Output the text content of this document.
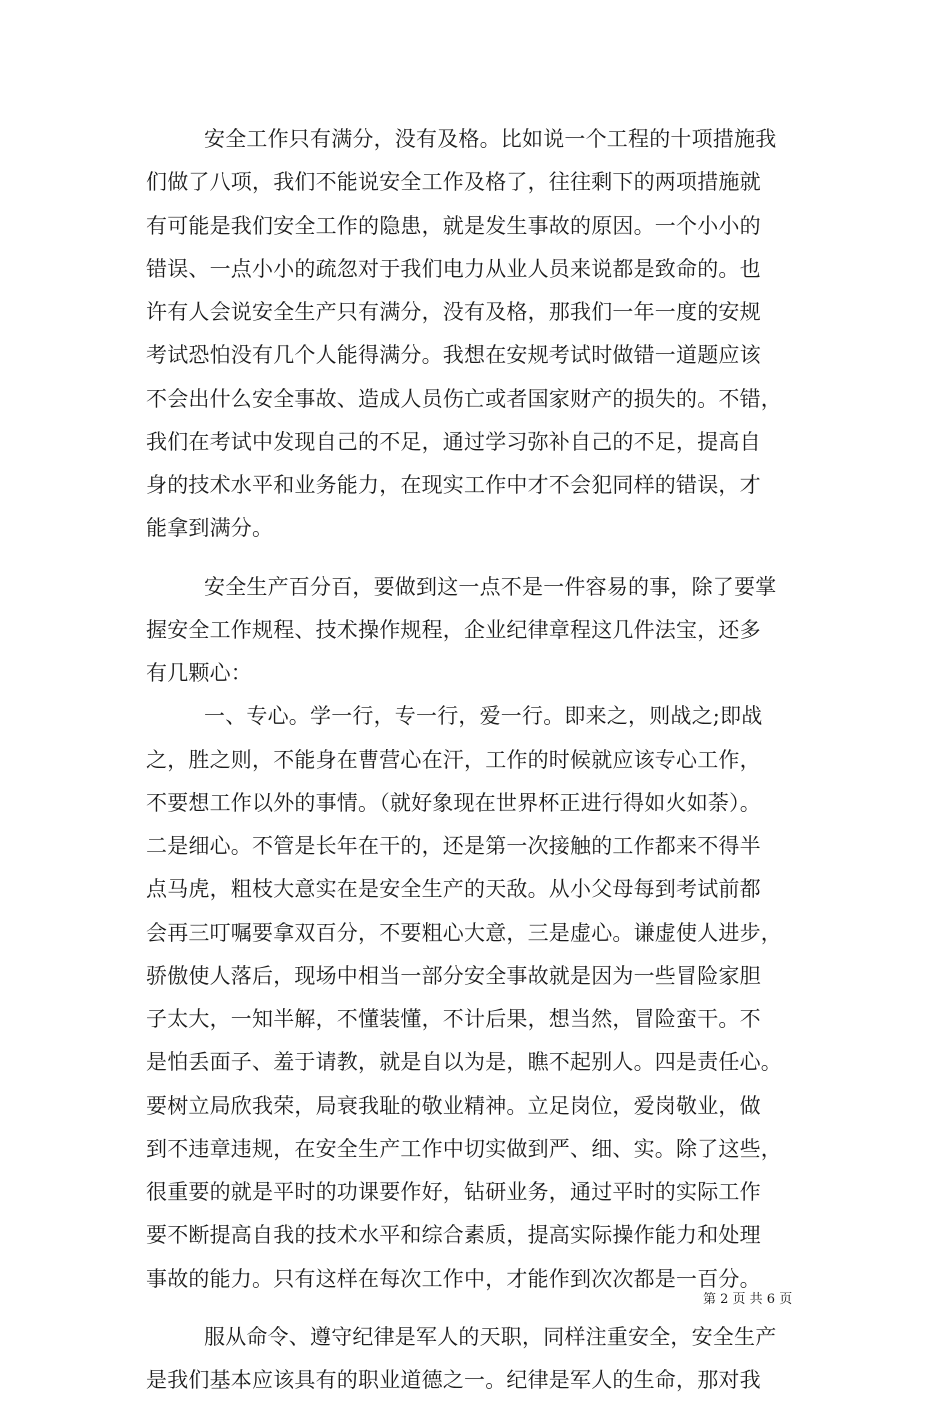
安全工作只有满分，没有及格。比如说一个工程的十项措施我
们做了八项，我们不能说安全工作及格了，往往剩下的两项措施就
有可能是我们安全工作的隐患，就是发生事故的原因。一个小小的
错误、一点小小的疏忽对于我们电力从业人员来说都是致命的。也
许有人会说安全生产只有满分，没有及格，那我们一年一度的安规
考试恐怕没有几个人能得满分。我想在安规考试时做错一道题应该
不会出什么安全事故、造成人员伤亡或者国家财产的损失的。不错，
我们在考试中发现自己的不足，通过学习弥补自己的不足，提高自
身的技术水平和业务能力，在现实工作中才不会犯同样的错误，才
能拿到满分。
安全生产百分百，要做到这一点不是一件容易的事，除了要掌
握安全工作规程、技术操作规程，企业纪律章程这几件法宝，还多
有几颗心：
一、专心。学一行，专一行，爱一行。即来之，则战之;即战
之，胜之则，不能身在曹营心在汗，工作的时候就应该专心工作，
不要想工作以外的事情。（就好象现在世界杯正进行得如火如荼）。
二是细心。不管是长年在干的，还是第一次接触的工作都来不得半
点马虎，粗枝大意实在是安全生产的天敌。从小父母每到考试前都
会再三叮嘱要拿双百分，不要粗心大意，三是虚心。谦虚使人进步，
骄傲使人落后，现场中相当一部分安全事故就是因为一些冒险家胆
子太大，一知半解，不懂装懂，不计后果，想当然，冒险蛮干。不
是怕丢面子、羞于请教，就是自以为是，瞧不起别人。四是责任心。
要树立局欣我荣，局衰我耻的敬业精神。立足岗位，爱岗敬业，做
到不违章违规，在安全生产工作中切实做到严、细、实。除了这些，
很重要的就是平时的功课要作好，钻研业务，通过平时的实际工作
要不断提高自我的技术水平和综合素质，提高实际操作能力和处理
事故的能力。只有这样在每次工作中，才能作到次次都是一百分。
服从命令、遵守纪律是军人的天职，同样注重安全，安全生产
是我们基本应该具有的职业道德之一。纪律是军人的生命，那对我
第 2 页 共 6 页
